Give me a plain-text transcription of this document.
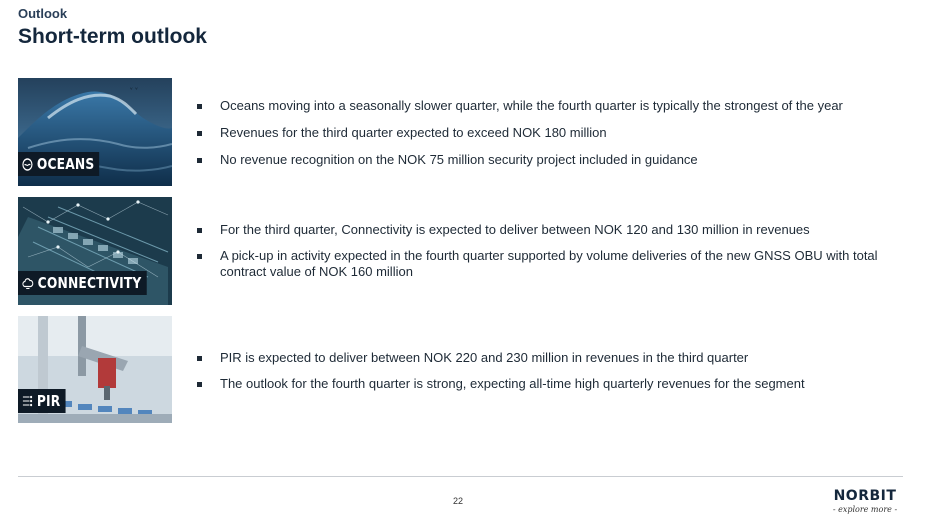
Outlook
Short-term outlook
ᵛ ᵛ
OCEANS
Oceans moving into a seasonally slower quarter, while the fourth quarter is typically the strongest of the year
Revenues for the third quarter expected to exceed NOK 180 million
No revenue recognition on the NOK 75 million security project included in guidance
CONNECTIVITY
For the third quarter, Connectivity is expected to deliver between NOK 120 and 130 million in revenues
A pick-up in activity expected in the fourth quarter supported by volume deliveries of the new GNSS OBU with total contract value of NOK 160 million
PIR
PIR is expected to deliver between NOK 220 and 230 million in revenues in the third quarter
The outlook for the fourth quarter is strong, expecting all-time high quarterly revenues for the segment
22	NORBIT
- explore more -
